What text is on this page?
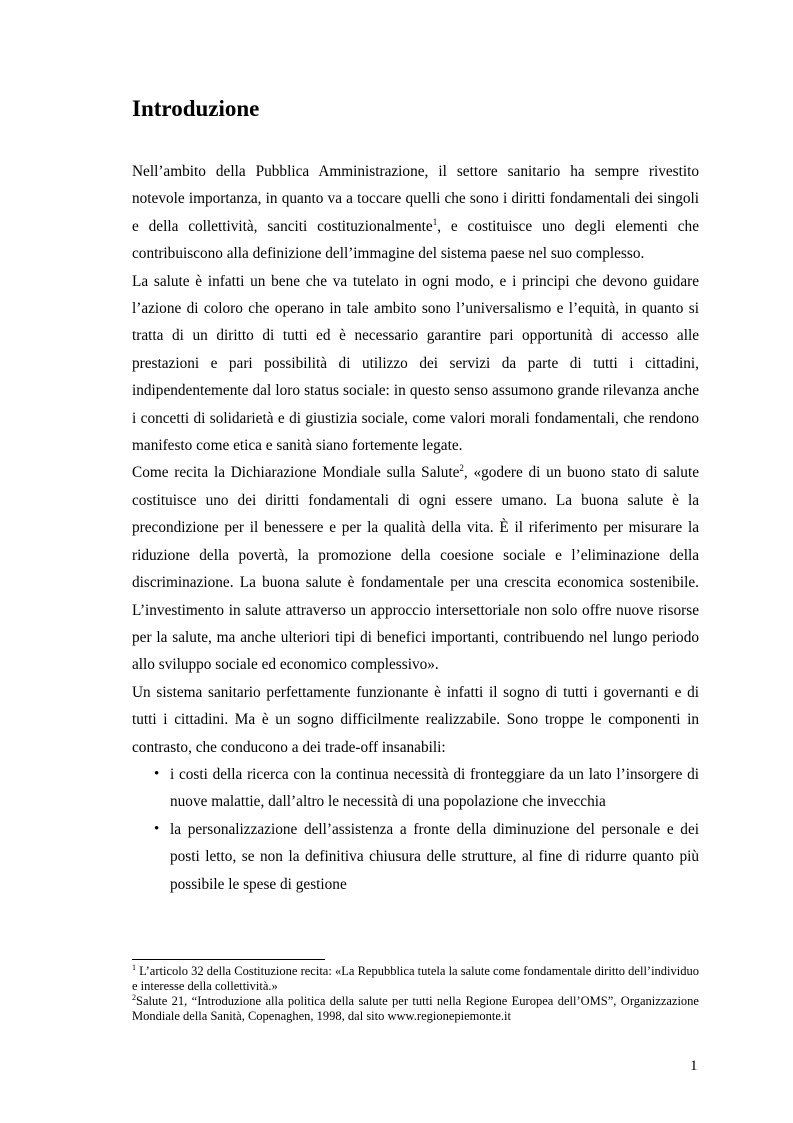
Introduzione

Nell’ambito della Pubblica Amministrazione, il settore sanitario ha sempre rivestito notevole importanza, in quanto va a toccare quelli che sono i diritti fondamentali dei singoli e della collettività, sanciti costituzionalmente$^1$, e costituisce uno degli elementi che contribuiscono alla definizione dell’immagine del sistema paese nel suo complesso.

La salute è infatti un bene che va tutelato in ogni modo, e i principi che devono guidare l’azione di coloro che operano in tale ambito sono l’universalismo e l’equità, in quanto si tratta di un diritto di tutti ed è necessario garantire pari opportunità di accesso alle prestazioni e pari possibilità di utilizzo dei servizi da parte di tutti i cittadini, indipendentemente dal loro status sociale: in questo senso assumono grande rilevanza anche i concetti di solidarietà e di giustizia sociale, come valori morali fondamentali, che rendono manifesto come etica e sanità siano fortemente legate.

Come recita la Dichiarazione Mondiale sulla Salute$^2$, «godere di un buono stato di salute costituisce uno dei diritti fondamentali di ogni essere umano. La buona salute è la precondizione per il benessere e per la qualità della vita. È il riferimento per misurare la riduzione della povertà, la promozione della coesione sociale e l’eliminazione della discriminazione. La buona salute è fondamentale per una crescita economica sostenibile. L’investimento in salute attraverso un approccio intersettoriale non solo offre nuove risorse per la salute, ma anche ulteriori tipi di benefici importanti, contribuendo nel lungo periodo allo sviluppo sociale ed economico complessivo».

Un sistema sanitario perfettamente funzionante è infatti il sogno di tutti i governanti e di tutti i cittadini. Ma è un sogno difficilmente realizzabile. Sono troppe le componenti in contrasto, che conducono a dei trade-off insanabili:

• i costi della ricerca con la continua necessità di fronteggiare da un lato l’insorgere di nuove malattie, dall’altro le necessità di una popolazione che invecchia
• la personalizzazione dell’assistenza a fronte della diminuzione del personale e dei posti letto, se non la definitiva chiusura delle strutture, al fine di ridurre quanto più possibile le spese di gestione

$^1$ L’articolo 32 della Costituzione recita: «La Repubblica tutela la salute come fondamentale diritto dell’individuo e interesse della collettività.»

$^2$Salute 21, “Introduzione alla politica della salute per tutti nella Regione Europea dell’OMS”, Organizzazione Mondiale della Sanità, Copenaghen, 1998, dal sito www.regionepiemonte.it

1
